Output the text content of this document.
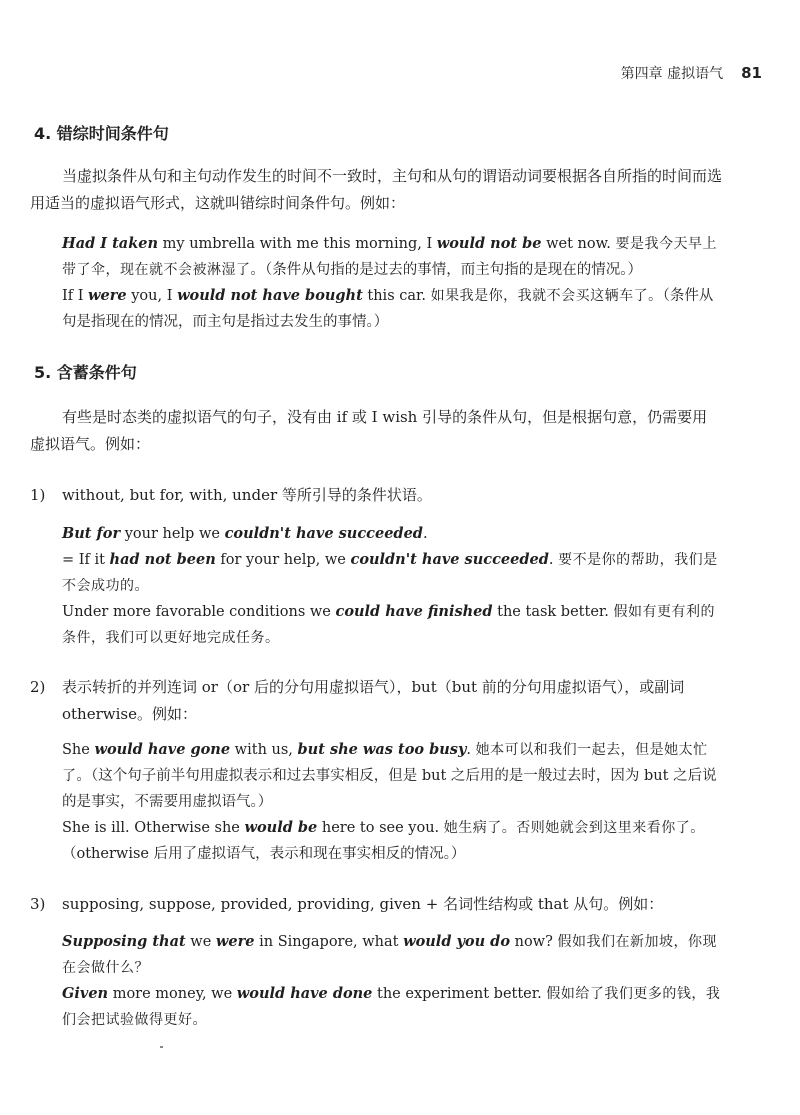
第四章 虚拟语气 81
4. 错综时间条件句
当虚拟条件从句和主句动作发生的时间不一致时，主句和从句的谓语动词要根据各自所指的时间而选用适当的虚拟语气形式，这就叫错综时间条件句。例如：

Had I taken my umbrella with me this morning, I would not be wet now. 要是我今天早上带了伞，现在就不会被淋湿了。（条件从句指的是过去的事情，而主句指的是现在的情况。）

If I were you, I would not have bought this car. 如果我是你，我就不会买这辆车了。（条件从句是指现在的情况，而主句是指过去发生的事情。）

5. 含蓄条件句
有些是时态类的虚拟语气的句子，没有由 if 或 I wish 引导的条件从句，但是根据句意，仍需要用虚拟语气。例如：
1)	without, but for, with, under 等所引导的条件状语。

But for your help we couldn't have succeeded.

= If it had not been for your help, we couldn't have succeeded. 要不是你的帮助，我们是不会成功的。

Under more favorable conditions we could have finished the task better. 假如有更有利的条件，我们可以更好地完成任务。

2)	表示转折的并列连词 or（or 后的分句用虚拟语气），but（but 前的分句用虚拟语气），或副词 otherwise。例如：

She would have gone with us, but she was too busy. 她本可以和我们一起去，但是她太忙了。（这个句子前半句用虚拟表示和过去事实相反，但是 but 之后用的是一般过去时，因为 but 之后说的是事实，不需要用虚拟语气。）

She is ill. Otherwise she would be here to see you. 她生病了。否则她就会到这里来看你了。（otherwise 后用了虚拟语气，表示和现在事实相反的情况。）

3)	supposing, suppose, provided, providing, given + 名词性结构或 that 从句。例如：

Supposing that we were in Singapore, what would you do now? 假如我们在新加坡，你现在会做什么？

Given more money, we would have done the experiment better. 假如给了我们更多的钱，我们会把试验做得更好。
